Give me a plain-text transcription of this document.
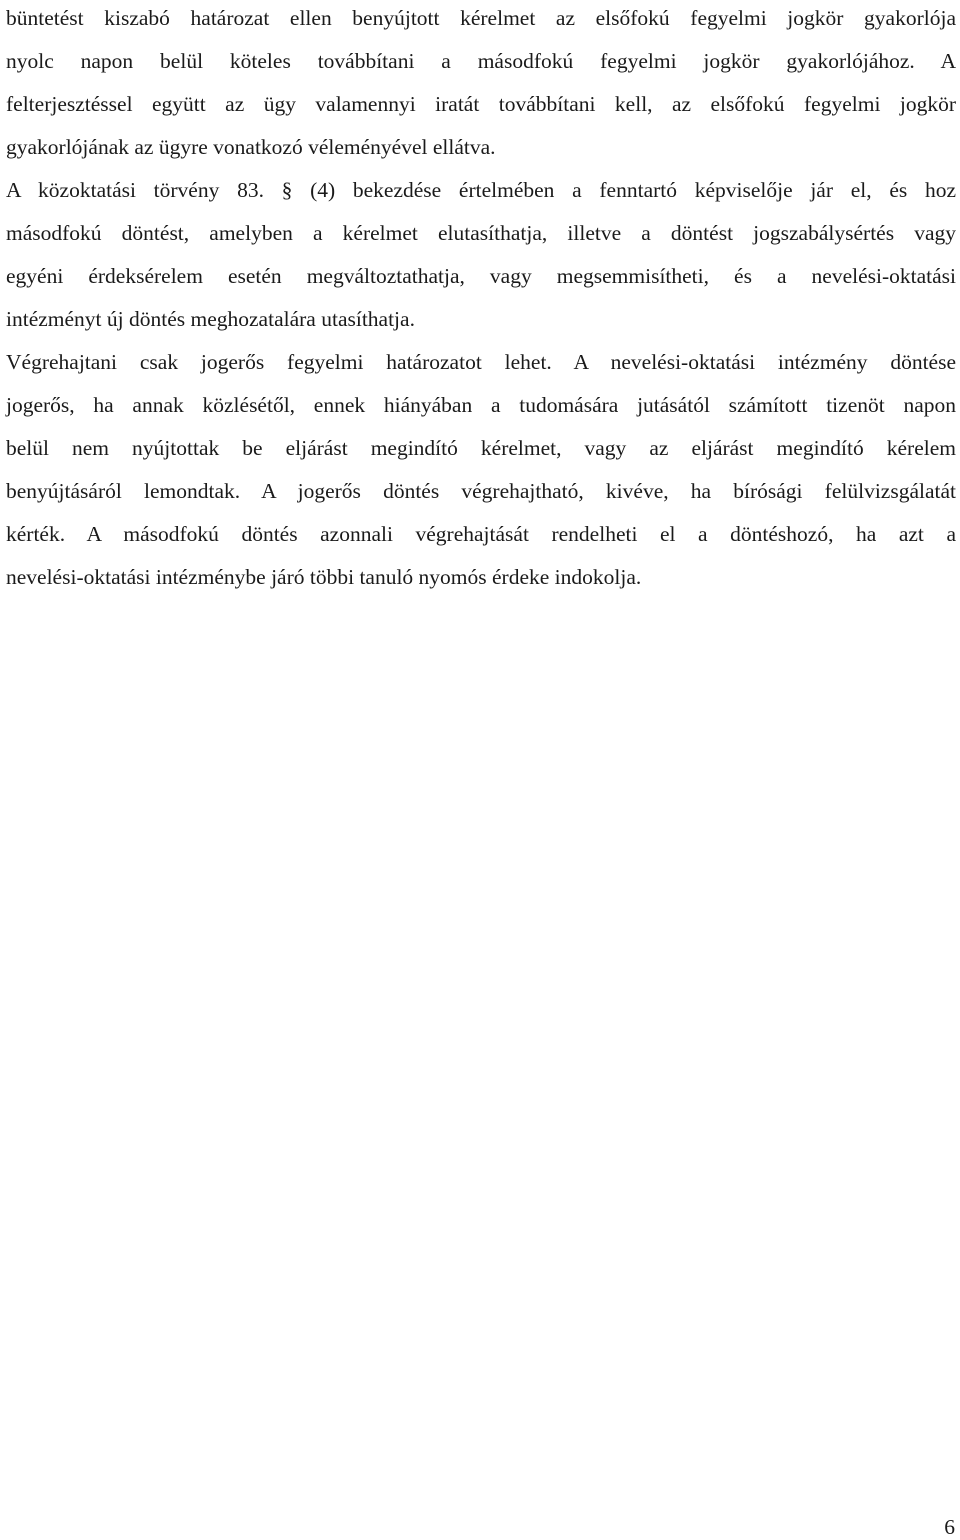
büntetést kiszabó határozat ellen benyújtott kérelmet az elsőfokú fegyelmi jogkör gyakorlója
nyolc napon belül köteles továbbítani a másodfokú fegyelmi jogkör gyakorlójához. A
felterjesztéssel együtt az ügy valamennyi iratát továbbítani kell, az elsőfokú fegyelmi jogkör
gyakorlójának az ügyre vonatkozó véleményével ellátva.
A közoktatási törvény 83. § (4) bekezdése értelmében a fenntartó képviselője jár el, és hoz
másodfokú döntést, amelyben a kérelmet elutasíthatja, illetve a döntést jogszabálysértés vagy
egyéni érdeksérelem esetén megváltoztathatja, vagy megsemmisítheti, és a nevelési-oktatási
intézményt új döntés meghozatalára utasíthatja.
Végrehajtani csak jogerős fegyelmi határozatot lehet. A nevelési-oktatási intézmény döntése
jogerős, ha annak közlésétől, ennek hiányában a tudomására jutásától számított tizenöt napon
belül nem nyújtottak be eljárást megindító kérelmet, vagy az eljárást megindító kérelem
benyújtásáról lemondtak. A jogerős döntés végrehajtható, kivéve, ha bírósági felülvizsgálatát
kérték. A másodfokú döntés azonnali végrehajtását rendelheti el a döntéshozó, ha azt a
nevelési-oktatási intézménybe járó többi tanuló nyomós érdeke indokolja.
6
